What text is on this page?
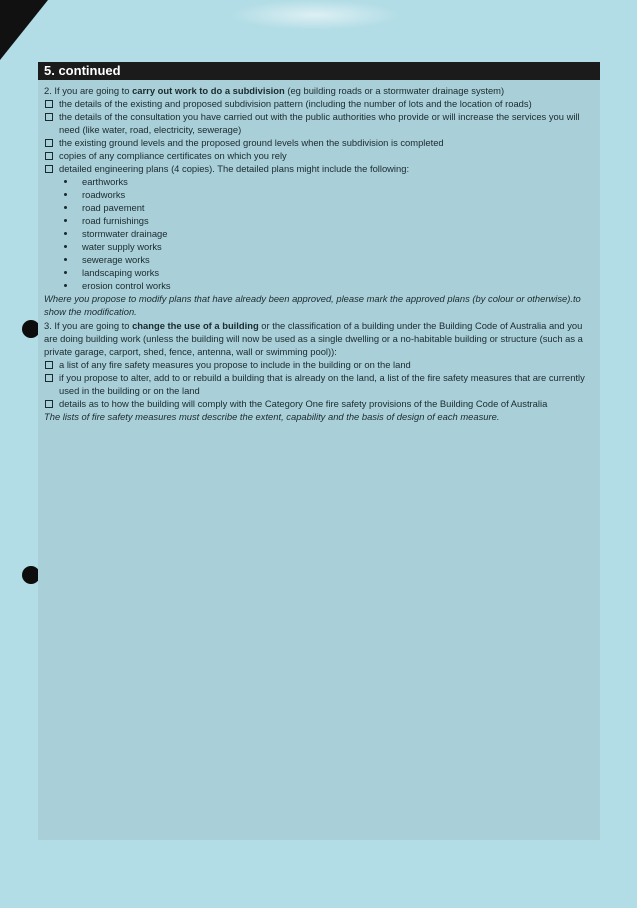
5. continued

2. If you are going to carry out work to do a subdivision (eg building roads or a stormwater drainage system)

the details of the existing and proposed subdivision pattern (including the number of lots and the location of roads)
the details of the consultation you have carried out with the public authorities who provide or will increase the services you will need (like water, road, electricity, sewerage)
the existing ground levels and the proposed ground levels when the subdivision is completed
copies of any compliance certificates on which you rely
detailed engineering plans (4 copies). The detailed plans might include the following:
earthworks
roadworks
road pavement
road furnishings
stormwater drainage
water supply works
sewerage works
landscaping works
erosion control works

Where you propose to modify plans that have already been approved, please mark the approved plans (by colour or otherwise).to show the modification.

3. If you are going to change the use of a building or the classification of a building under the Building Code of Australia and you are doing building work (unless the building will now be used as a single dwelling or a no-habitable building or structure (such as a private garage, carport, shed, fence, antenna, wall or swimming pool)):

a list of any fire safety measures you propose to include in the building or on the land
if you propose to alter, add to or rebuild a building that is already on the land, a list of the fire safety measures that are currently used in the building or on the land
details as to how the building will comply with the Category One fire safety provisions of the Building Code of Australia

The lists of fire safety measures must describe the extent, capability and the basis of design of each measure.
